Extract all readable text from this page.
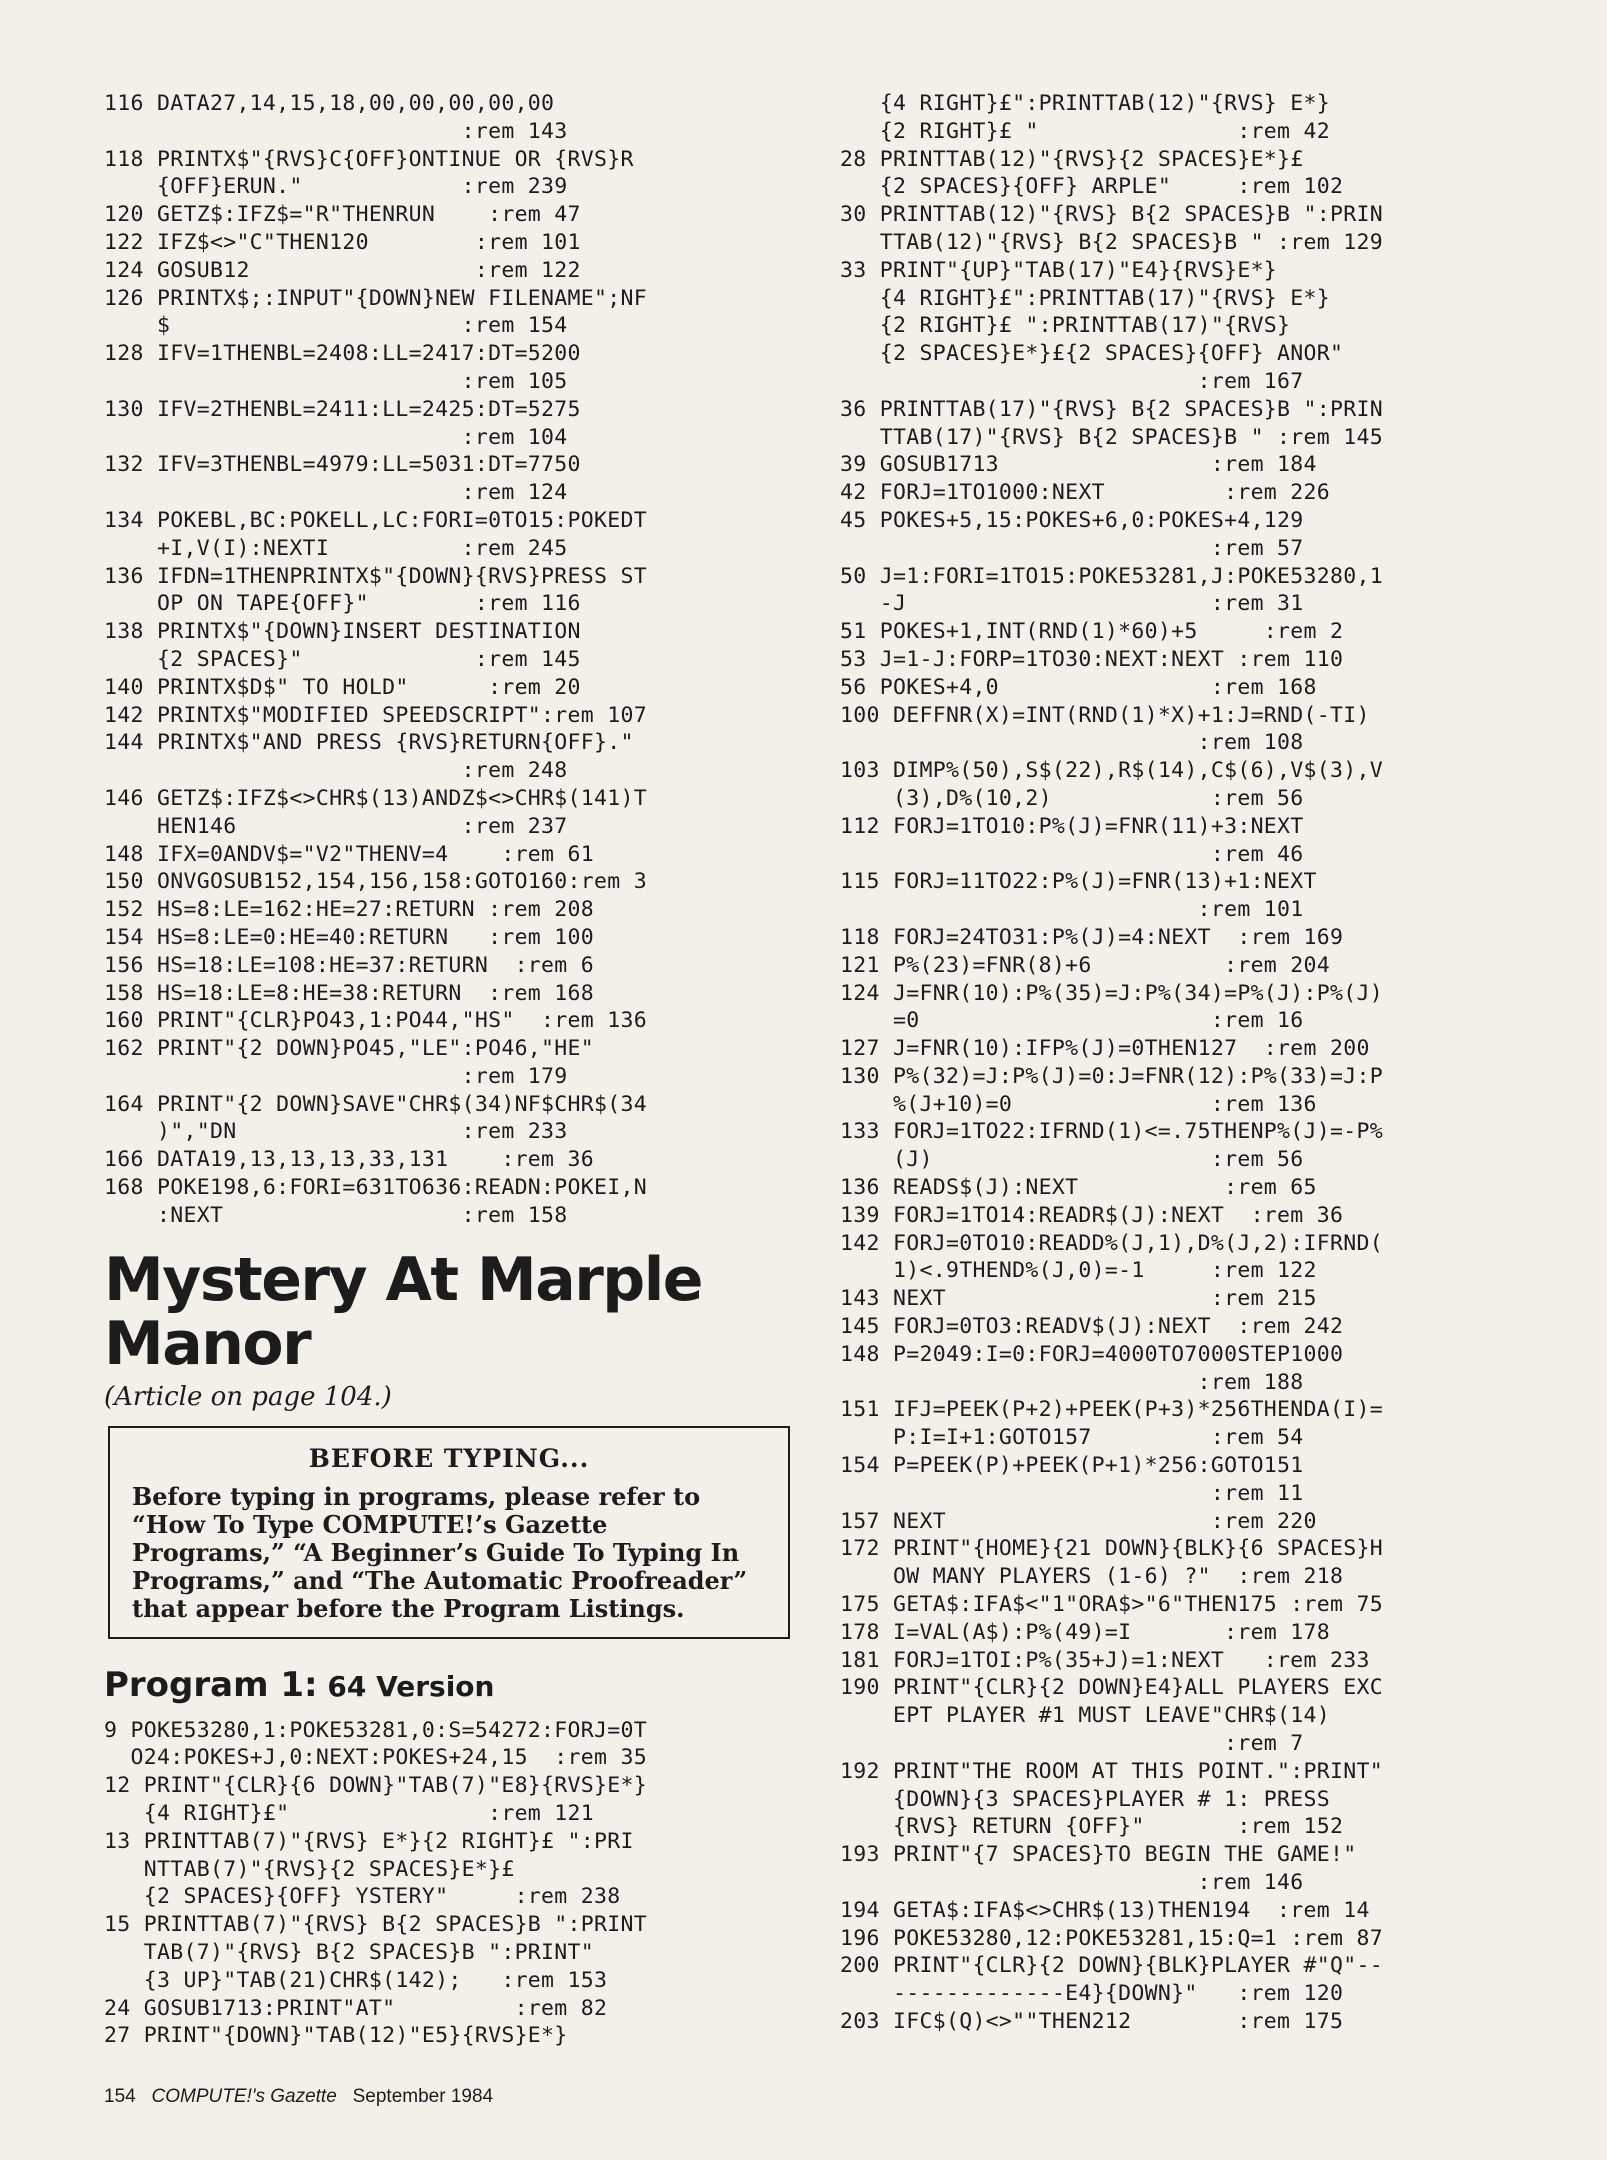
116 DATA27,14,15,18,00,00,00,00,00
:rem 143
118 PRINTX$"{RVS}C{OFF}ONTINUE OR {RVS}R
{OFF}ERUN."            :rem 239
120 GETZ$:IFZ$="R"THENRUN    :rem 47
122 IFZ$<>"C"THEN120        :rem 101
124 GOSUB12                 :rem 122
126 PRINTX$;:INPUT"{DOWN}NEW FILENAME";NF
$                      :rem 154
128 IFV=1THENBL=2408:LL=2417:DT=5200
:rem 105
130 IFV=2THENBL=2411:LL=2425:DT=5275
:rem 104
132 IFV=3THENBL=4979:LL=5031:DT=7750
:rem 124
134 POKEBL,BC:POKELL,LC:FORI=0TO15:POKEDT
+I,V(I):NEXTI          :rem 245
136 IFDN=1THENPRINTX$"{DOWN}{RVS}PRESS ST
OP ON TAPE{OFF}"        :rem 116
138 PRINTX$"{DOWN}INSERT DESTINATION
{2 SPACES}"             :rem 145
140 PRINTX$D$" TO HOLD"      :rem 20
142 PRINTX$"MODIFIED SPEEDSCRIPT":rem 107
144 PRINTX$"AND PRESS {RVS}RETURN{OFF}."
:rem 248
146 GETZ$:IFZ$<>CHR$(13)ANDZ$<>CHR$(141)T
HEN146                 :rem 237
148 IFX=0ANDV$="V2"THENV=4    :rem 61
150 ONVGOSUB152,154,156,158:GOTO160:rem 3
152 HS=8:LE=162:HE=27:RETURN :rem 208
154 HS=8:LE=0:HE=40:RETURN   :rem 100
156 HS=18:LE=108:HE=37:RETURN  :rem 6
158 HS=18:LE=8:HE=38:RETURN  :rem 168
160 PRINT"{CLR}PO43,1:PO44,"HS"  :rem 136
162 PRINT"{2 DOWN}PO45,"LE":PO46,"HE"
:rem 179
164 PRINT"{2 DOWN}SAVE"CHR$(34)NF$CHR$(34
)","DN                 :rem 233
166 DATA19,13,13,13,33,131    :rem 36
168 POKE198,6:FORI=631TO636:READN:POKEI,N
:NEXT                  :rem 158
Mystery At Marple
Manor
(Article on page 104.)
BEFORE TYPING...
Before typing in programs, please refer to “How To Type COMPUTE!’s Gazette Programs,” “A Beginner’s Guide To Typing In Programs,” and “The Automatic Proofreader” that appear before the Program Listings.
Program 1: 64 Version
9 POKE53280,1:POKE53281,0:S=54272:FORJ=0T
O24:POKES+J,0:NEXT:POKES+24,15  :rem 35
12 PRINT"{CLR}{6 DOWN}"TAB(7)"E8}{RVS}E*}
{4 RIGHT}£"               :rem 121
13 PRINTTAB(7)"{RVS} E*}{2 RIGHT}£ ":PRI
NTTAB(7)"{RVS}{2 SPACES}E*}£
{2 SPACES}{OFF} YSTERY"     :rem 238
15 PRINTTAB(7)"{RVS} B{2 SPACES}B ":PRINT
TAB(7)"{RVS} B{2 SPACES}B ":PRINT"
{3 UP}"TAB(21)CHR$(142);   :rem 153
24 GOSUB1713:PRINT"AT"         :rem 82
27 PRINT"{DOWN}"TAB(12)"E5}{RVS}E*}
{4 RIGHT}£":PRINTTAB(12)"{RVS} E*}
{2 RIGHT}£ "               :rem 42
28 PRINTTAB(12)"{RVS}{2 SPACES}E*}£
{2 SPACES}{OFF} ARPLE"     :rem 102
30 PRINTTAB(12)"{RVS} B{2 SPACES}B ":PRIN
TTAB(12)"{RVS} B{2 SPACES}B " :rem 129
33 PRINT"{UP}"TAB(17)"E4}{RVS}E*}
{4 RIGHT}£":PRINTTAB(17)"{RVS} E*}
{2 RIGHT}£ ":PRINTTAB(17)"{RVS}
{2 SPACES}E*}£{2 SPACES}{OFF} ANOR"
:rem 167
36 PRINTTAB(17)"{RVS} B{2 SPACES}B ":PRIN
TTAB(17)"{RVS} B{2 SPACES}B " :rem 145
39 GOSUB1713                :rem 184
42 FORJ=1TO1000:NEXT         :rem 226
45 POKES+5,15:POKES+6,0:POKES+4,129
:rem 57
50 J=1:FORI=1TO15:POKE53281,J:POKE53280,1
-J                       :rem 31
51 POKES+1,INT(RND(1)*60)+5     :rem 2
53 J=1-J:FORP=1TO30:NEXT:NEXT :rem 110
56 POKES+4,0                :rem 168
100 DEFFNR(X)=INT(RND(1)*X)+1:J=RND(-TI)
:rem 108
103 DIMP%(50),S$(22),R$(14),C$(6),V$(3),V
(3),D%(10,2)            :rem 56
112 FORJ=1TO10:P%(J)=FNR(11)+3:NEXT
:rem 46
115 FORJ=11TO22:P%(J)=FNR(13)+1:NEXT
:rem 101
118 FORJ=24TO31:P%(J)=4:NEXT  :rem 169
121 P%(23)=FNR(8)+6          :rem 204
124 J=FNR(10):P%(35)=J:P%(34)=P%(J):P%(J)
=0                      :rem 16
127 J=FNR(10):IFP%(J)=0THEN127  :rem 200
130 P%(32)=J:P%(J)=0:J=FNR(12):P%(33)=J:P
%(J+10)=0               :rem 136
133 FORJ=1TO22:IFRND(1)<=.75THENP%(J)=-P%
(J)                     :rem 56
136 READS$(J):NEXT           :rem 65
139 FORJ=1TO14:READR$(J):NEXT  :rem 36
142 FORJ=0TO10:READD%(J,1),D%(J,2):IFRND(
1)<.9THEND%(J,0)=-1     :rem 122
143 NEXT                    :rem 215
145 FORJ=0TO3:READV$(J):NEXT  :rem 242
148 P=2049:I=0:FORJ=4000TO7000STEP1000
:rem 188
151 IFJ=PEEK(P+2)+PEEK(P+3)*256THENDA(I)=
P:I=I+1:GOTO157         :rem 54
154 P=PEEK(P)+PEEK(P+1)*256:GOTO151
:rem 11
157 NEXT                    :rem 220
172 PRINT"{HOME}{21 DOWN}{BLK}{6 SPACES}H
OW MANY PLAYERS (1-6) ?"  :rem 218
175 GETA$:IFA$<"1"ORA$>"6"THEN175 :rem 75
178 I=VAL(A$):P%(49)=I       :rem 178
181 FORJ=1TOI:P%(35+J)=1:NEXT   :rem 233
190 PRINT"{CLR}{2 DOWN}E4}ALL PLAYERS EXC
EPT PLAYER #1 MUST LEAVE"CHR$(14)
:rem 7
192 PRINT"THE ROOM AT THIS POINT.":PRINT"
{DOWN}{3 SPACES}PLAYER # 1: PRESS
{RVS} RETURN {OFF}"       :rem 152
193 PRINT"{7 SPACES}TO BEGIN THE GAME!"
:rem 146
194 GETA$:IFA$<>CHR$(13)THEN194  :rem 14
196 POKE53280,12:POKE53281,15:Q=1 :rem 87
200 PRINT"{CLR}{2 DOWN}{BLK}PLAYER #"Q"--
-------------E4}{DOWN}"   :rem 120
203 IFC$(Q)<>""THEN212        :rem 175
154 COMPUTE!'s Gazette September 1984
